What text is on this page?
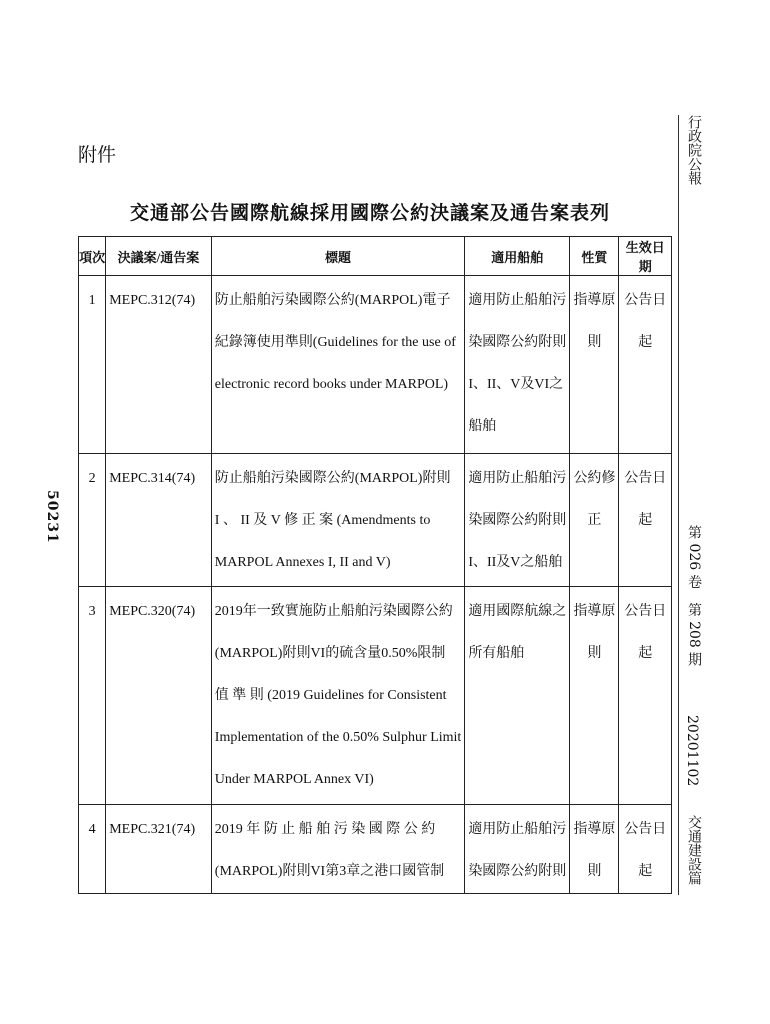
附件
交通部公告國際航線採用國際公約決議案及通告案表列
項次	決議案/通告案	標題	適用船舶	性質	生效日期
1	MEPC.312(74)	防止船舶污染國際公約(MARPOL)電子
紀錄簿使用準則(Guidelines for the use of
electronic record books under MARPOL)	適用防止船舶污
染國際公約附則
I、II、V及VI之
船舶	指導原則	公告日起
2	MEPC.314(74)	防止船舶污染國際公約(MARPOL)附則
I 、 II 及 V 修 正 案 (Amendments to
MARPOL Annexes I, II and V)	適用防止船舶污
染國際公約附則
I、II及V之船舶	公約修正	公告日起
3	MEPC.320(74)	2019年一致實施防止船舶污染國際公約
(MARPOL)附則VI的硫含量0.50%限制
值 準 則 (2019 Guidelines for Consistent
Implementation of the 0.50% Sulphur Limit
Under MARPOL Annex VI)	適用國際航線之
所有船舶	指導原則	公告日起
4	MEPC.321(74)	2019 年 防 止 船 舶 污 染 國 際 公 約
(MARPOL)附則VI第3章之港口國管制	適用防止船舶污
染國際公約附則	指導原則	公告日起
行政院公報
第 026 卷　第 208 期
20201102
交通建設篇
50231
